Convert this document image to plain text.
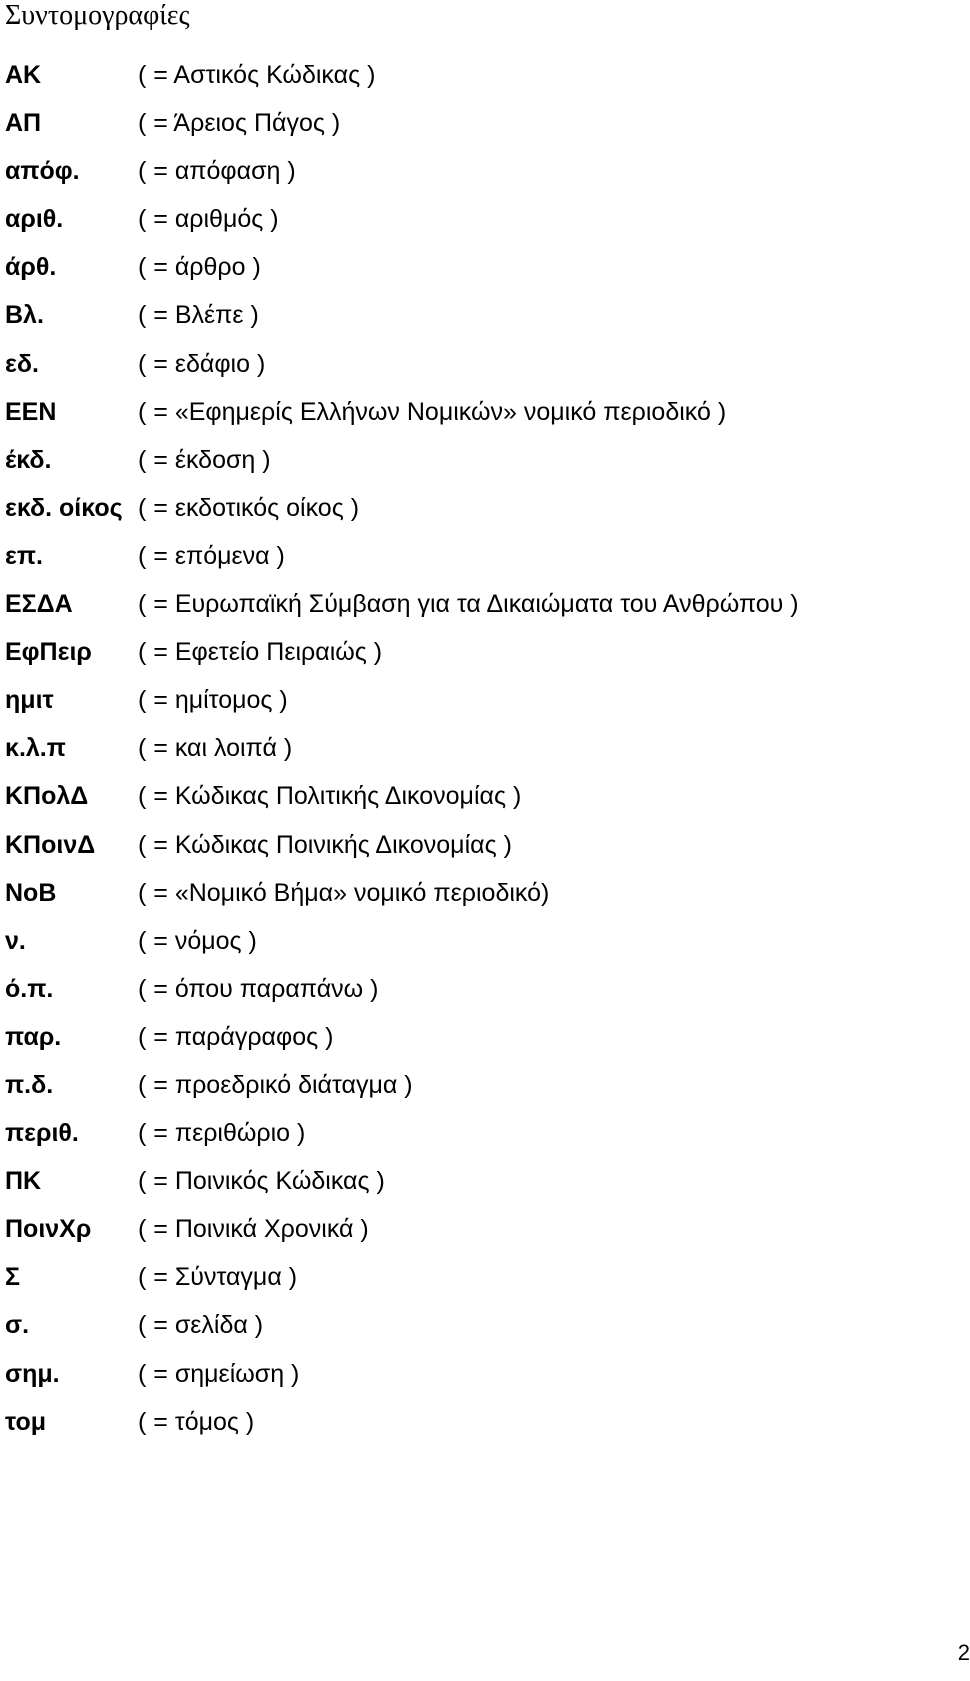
Συντομογραφίες
ΑΚ	( = Αστικός Κώδικας )
ΑΠ	( = Άρειος Πάγος )
απόφ. ( = απόφαση )
αριθ.	( = αριθμός )
άρθ.	( = άρθρο )
Βλ.	( = Βλέπε )
εδ.	( = εδάφιο )
ΕΕΝ	( = «Εφημερίς Ελλήνων Νομικών» νομικό περιοδικό )
έκδ.	( = έκδοση )
εκδ. οίκος ( = εκδοτικός οίκος )
επ.	( = επόμενα )
ΕΣΔΑ	( = Ευρωπαϊκή Σύμβαση για τα Δικαιώματα του Ανθρώπου )
ΕφΠειρ ( = Εφετείο Πειραιώς )
ημιτ	( = ημίτομος )
κ.λ.π	( = και λοιπά )
ΚΠολΔ ( = Κώδικας Πολιτικής Δικονομίας )
ΚΠοινΔ ( = Κώδικας Ποινικής Δικονομίας )
ΝοΒ	( = «Νομικό Βήμα» νομικό περιοδικό)
ν.	( = νόμος )
ό.π.	( = όπου παραπάνω )
παρ.	( = παράγραφος )
π.δ.	( = προεδρικό διάταγμα )
περιθ. ( = περιθώριο )
ΠΚ	( = Ποινικός Κώδικας )
ΠοινΧρ ( = Ποινικά Χρονικά )
Σ	( = Σύνταγμα )
σ.	( = σελίδα )
σημ.	( = σημείωση )
τομ	( = τόμος )
2
